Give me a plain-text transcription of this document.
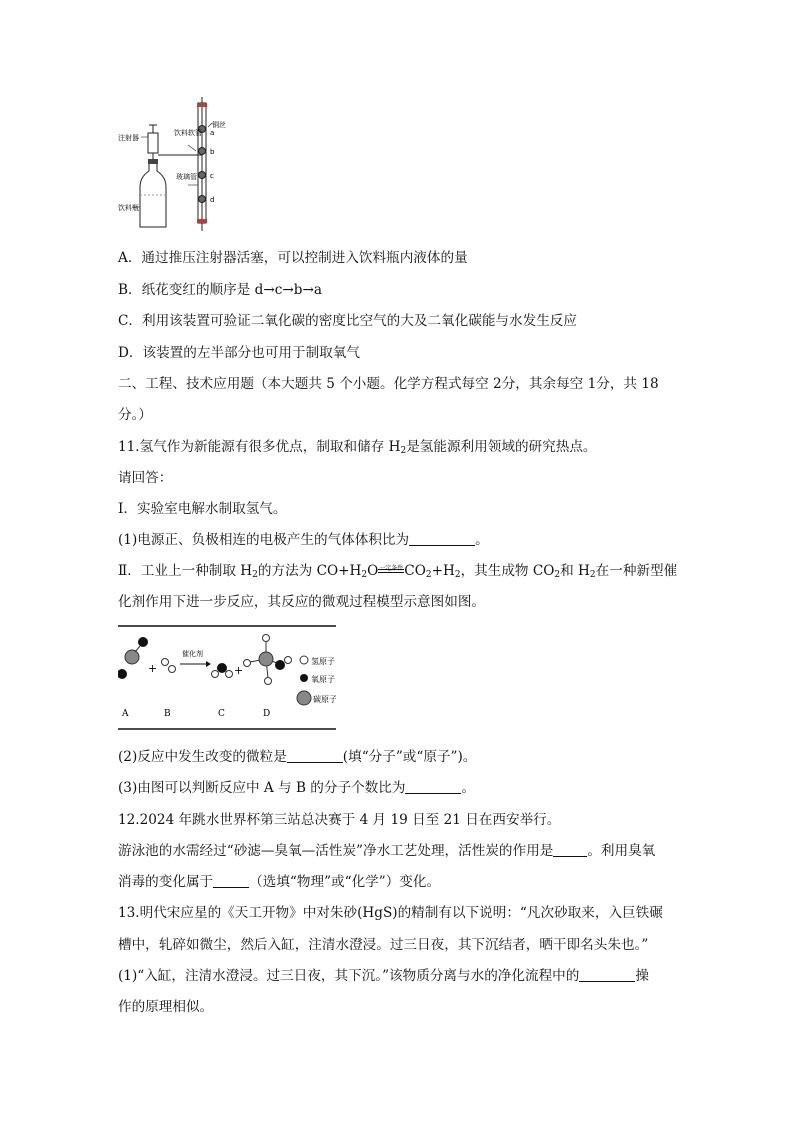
注射器
饮料软管
饮料瓶
玻璃管
铜丝
a
b
c
d
A．通过推压注射器活塞，可以控制进入饮料瓶内液体的量
B．纸花变红的顺序是 d→c→b→a
C．利用该装置可验证二氧化碳的密度比空气的大及二氧化碳能与水发生反应
D．该装置的左半部分也可用于制取氧气
二、工程、技术应用题（本大题共 5 个小题。化学方程式每空 2分，其余每空 1分，共 18
分。）
11.氢气作为新能源有很多优点，制取和储存 $H_2$是氢能源利用领域的研究热点。
请回答：
Ⅰ．实验室电解水制取氢气。
(1)电源正、负极相连的电极产生的气体体积比为	。
Ⅱ．工业上一种制取 $H_2$的方法为 $CO+H_2O$ 一定条件 $CO_2+H_2$，其生成物 $CO_2$和 $H_2$在一种新型催
化剂作用下进一步反应，其反应的微观过程模型示意图如图。
+
催化剂
+
氢原子
氧原子
碳原子
A	B	C	D
(2)反应中发生改变的微粒是	(填“分子”或“原子”)。
(3)由图可以判断反应中 A 与 B 的分子个数比为	。
12.2024 年跳水世界杯第三站总决赛于 4 月 19 日至 21 日在西安举行。
游泳池的水需经过“砂滤—臭氧—活性炭”净水工艺处理，活性炭的作用是	。利用臭氧
消毒的变化属于	（选填“物理”或“化学”）变化。
13.明代宋应星的《天工开物》中对朱砂(HgS)的精制有以下说明：“凡次砂取来，入巨铁碾
槽中，轧碎如微尘，然后入缸，注清水澄浸。过三日夜，其下沉结者，晒干即名头朱也。”
(1)“入缸，注清水澄浸。过三日夜，其下沉。”该物质分离与水的净化流程中的	操
作的原理相似。
